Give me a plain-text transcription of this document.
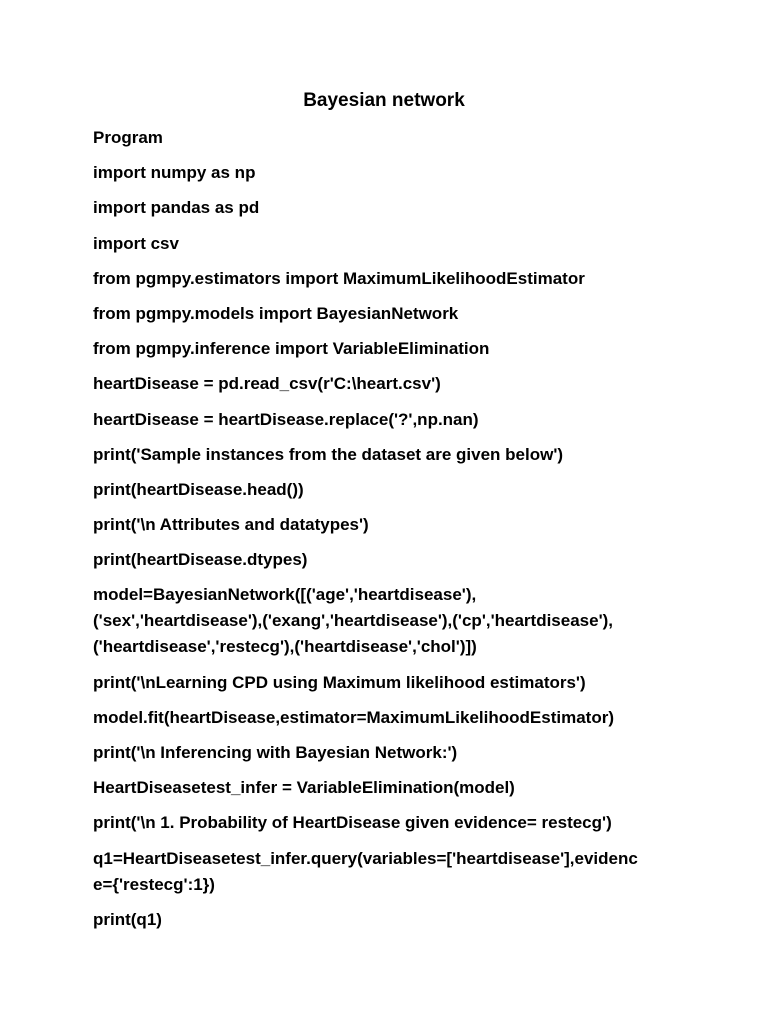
Bayesian network
Program
import numpy as np
import pandas as pd
import csv
from pgmpy.estimators import MaximumLikelihoodEstimator
from pgmpy.models import BayesianNetwork
from pgmpy.inference import VariableElimination
heartDisease = pd.read_csv(r'C:\heart.csv')
heartDisease = heartDisease.replace('?',np.nan)
print('Sample instances from the dataset are given below')
print(heartDisease.head())
print('\n Attributes and datatypes')
print(heartDisease.dtypes)
model=BayesianNetwork([('age','heartdisease'),
('sex','heartdisease'),('exang','heartdisease'),('cp','heartdisease'),
('heartdisease','restecg'),('heartdisease','chol')])
print('\nLearning CPD using Maximum likelihood estimators')
model.fit(heartDisease,estimator=MaximumLikelihoodEstimator)
print('\n Inferencing with Bayesian Network:')
HeartDiseasetest_infer = VariableElimination(model)
print('\n 1. Probability of HeartDisease given evidence= restecg')
q1=HeartDiseasetest_infer.query(variables=['heartdisease'],evidenc
e={'restecg':1})
print(q1)
